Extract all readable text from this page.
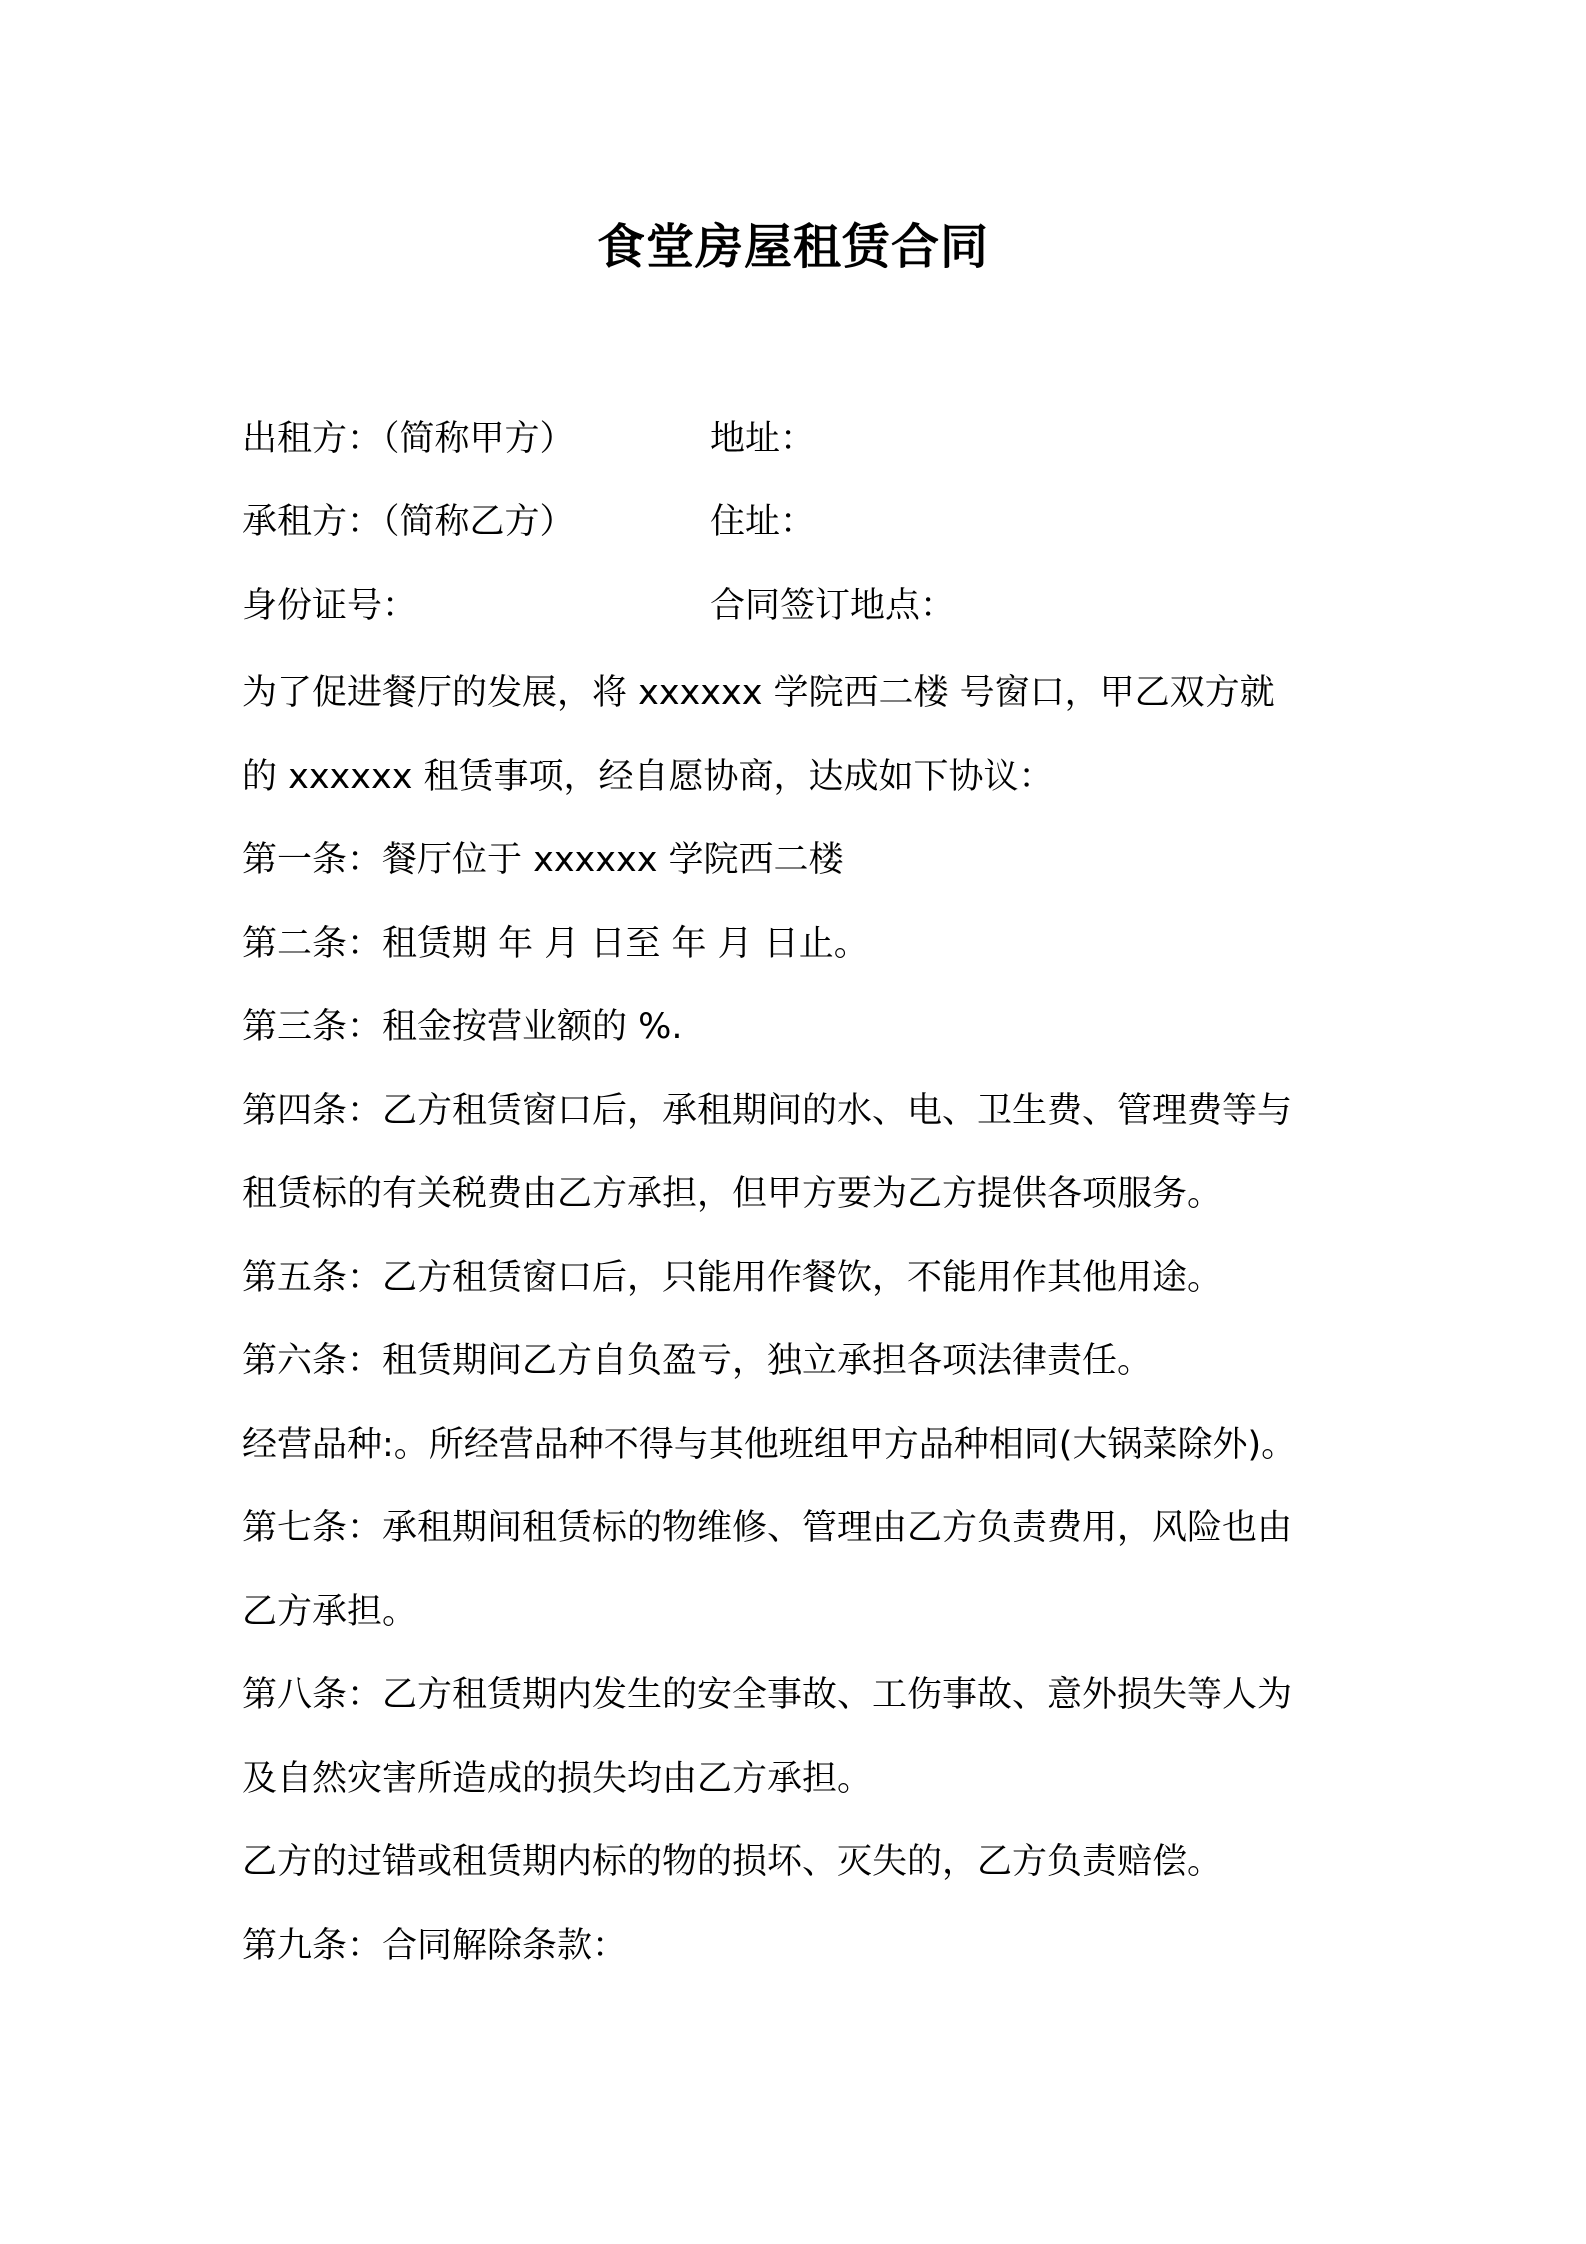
食堂房屋租赁合同
出租方：（简称甲方）	地址：
承租方：（简称乙方）	住址：
身份证号：	合同签订地点：
为了促进餐厅的发展，将 xxxxxx 学院西二楼 号窗口，甲乙双方就
的 xxxxxx 租赁事项，经自愿协商，达成如下协议：
第一条：餐厅位于 xxxxxx 学院西二楼
第二条：租赁期 年 月 日至 年 月 日止。
第三条：租金按营业额的 %.
第四条：乙方租赁窗口后，承租期间的水、电、卫生费、管理费等与
租赁标的有关税费由乙方承担，但甲方要为乙方提供各项服务。
第五条：乙方租赁窗口后，只能用作餐饮，不能用作其他用途。
第六条：租赁期间乙方自负盈亏，独立承担各项法律责任。
经营品种:。所经营品种不得与其他班组甲方品种相同(大锅菜除外)。
第七条：承租期间租赁标的物维修、管理由乙方负责费用，风险也由
乙方承担。
第八条：乙方租赁期内发生的安全事故、工伤事故、意外损失等人为
及自然灾害所造成的损失均由乙方承担。
乙方的过错或租赁期内标的物的损坏、灭失的，乙方负责赔偿。
第九条：合同解除条款：
